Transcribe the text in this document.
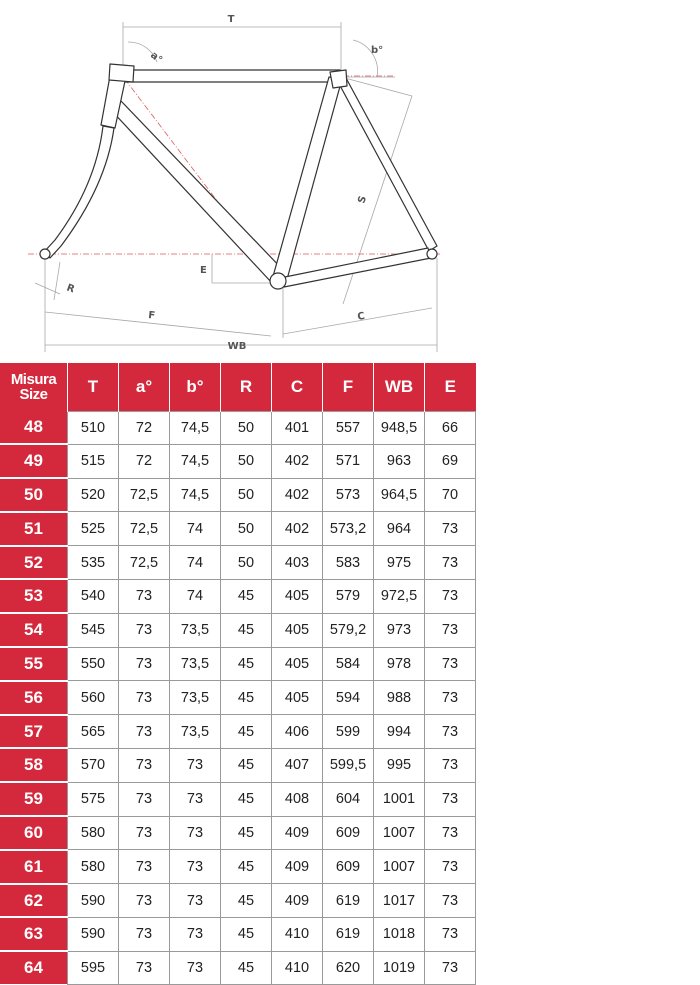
T
a°	b°
S
E
R
F	C
WB
Misura
Size	T	a°	b°	R	C	F	WB	E
48	510	72	74,5	50	401	557	948,5	66
49	515	72	74,5	50	402	571	963	69
50	520	72,5	74,5	50	402	573	964,5	70
51	525	72,5	74	50	402	573,2	964	73
52	535	72,5	74	50	403	583	975	73
53	540	73	74	45	405	579	972,5	73
54	545	73	73,5	45	405	579,2	973	73
55	550	73	73,5	45	405	584	978	73
56	560	73	73,5	45	405	594	988	73
57	565	73	73,5	45	406	599	994	73
58	570	73	73	45	407	599,5	995	73
59	575	73	73	45	408	604	1001	73
60	580	73	73	45	409	609	1007	73
61	580	73	73	45	409	609	1007	73
62	590	73	73	45	409	619	1017	73
63	590	73	73	45	410	619	1018	73
64	595	73	73	45	410	620	1019	73
